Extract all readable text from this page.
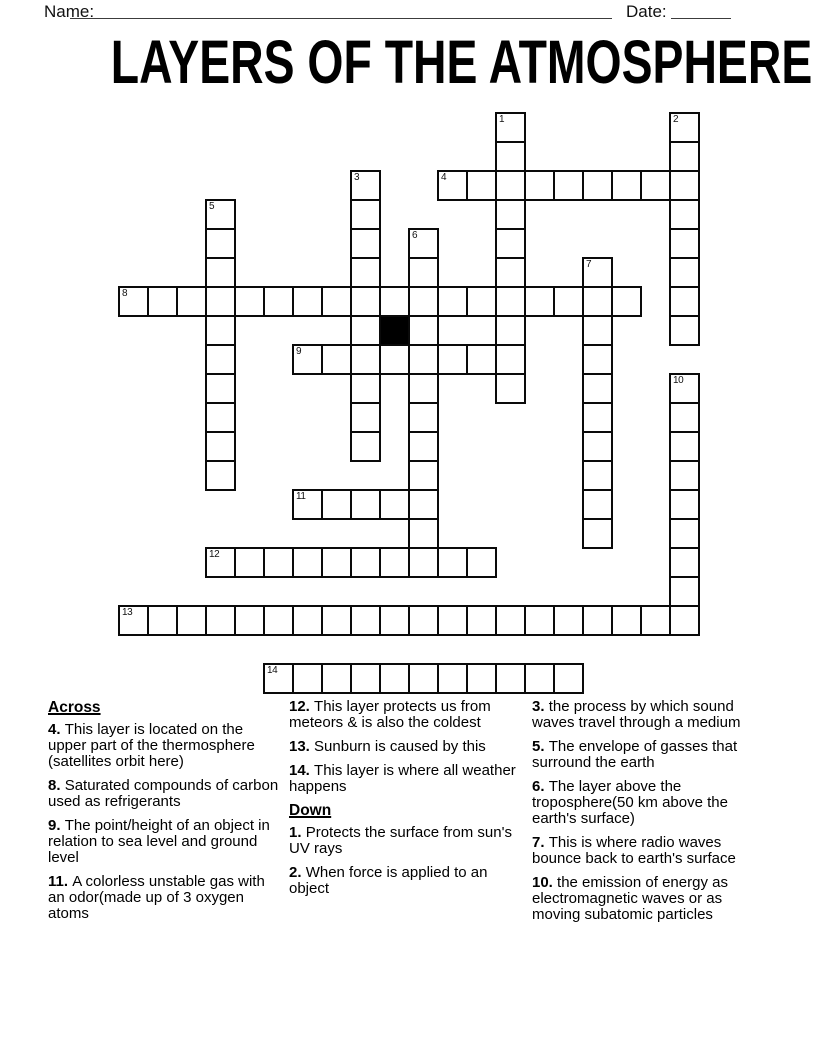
Name:	Date:
LAYERS OF THE ATMOSPHERE
1	2
3	4
5
6
7
8
9
10
11
12
13
14
Across
4. This layer is located on the upper part of the thermosphere (satellites orbit here)
8. Saturated compounds of carbon used as refrigerants
9. The point/height of an object in relation to sea level and ground level
11. A colorless unstable gas with an odor(made up of 3 oxygen atoms
12. This layer protects us from meteors & is also the coldest
13. Sunburn is caused by this
14. This layer is where all weather happens
Down
1. Protects the surface from sun's UV rays
2. When force is applied to an object
3. the process by which sound waves travel through a medium
5. The envelope of gasses that surround the earth
6. The layer above the troposphere(50 km above the earth's surface)
7. This is where radio waves bounce back to earth's surface
10. the emission of energy as electromagnetic waves or as moving subatomic particles
